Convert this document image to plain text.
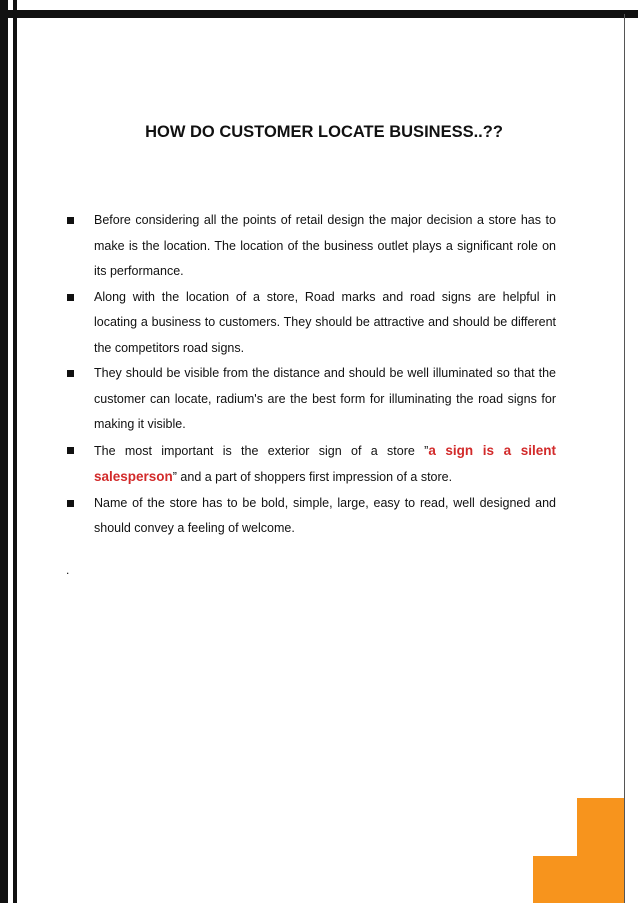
HOW DO CUSTOMER LOCATE BUSINESS..??
Before considering all the points of retail design the major decision a store has to make is the location. The location of the business outlet plays a significant role on its performance.
Along with the location of a store, Road marks and road signs are helpful in locating a business to customers. They should be attractive and should be different the competitors road signs.
They should be visible from the distance and should be well illuminated so that the customer can locate, radium's are the best form for illuminating the road signs for making it visible.
The most important is the exterior sign of a store ”a sign is a silent salesperson” and a part of shoppers first impression of a store.
Name of the store has to be bold, simple, large, easy to read, well designed and should convey a feeling of welcome.
.
